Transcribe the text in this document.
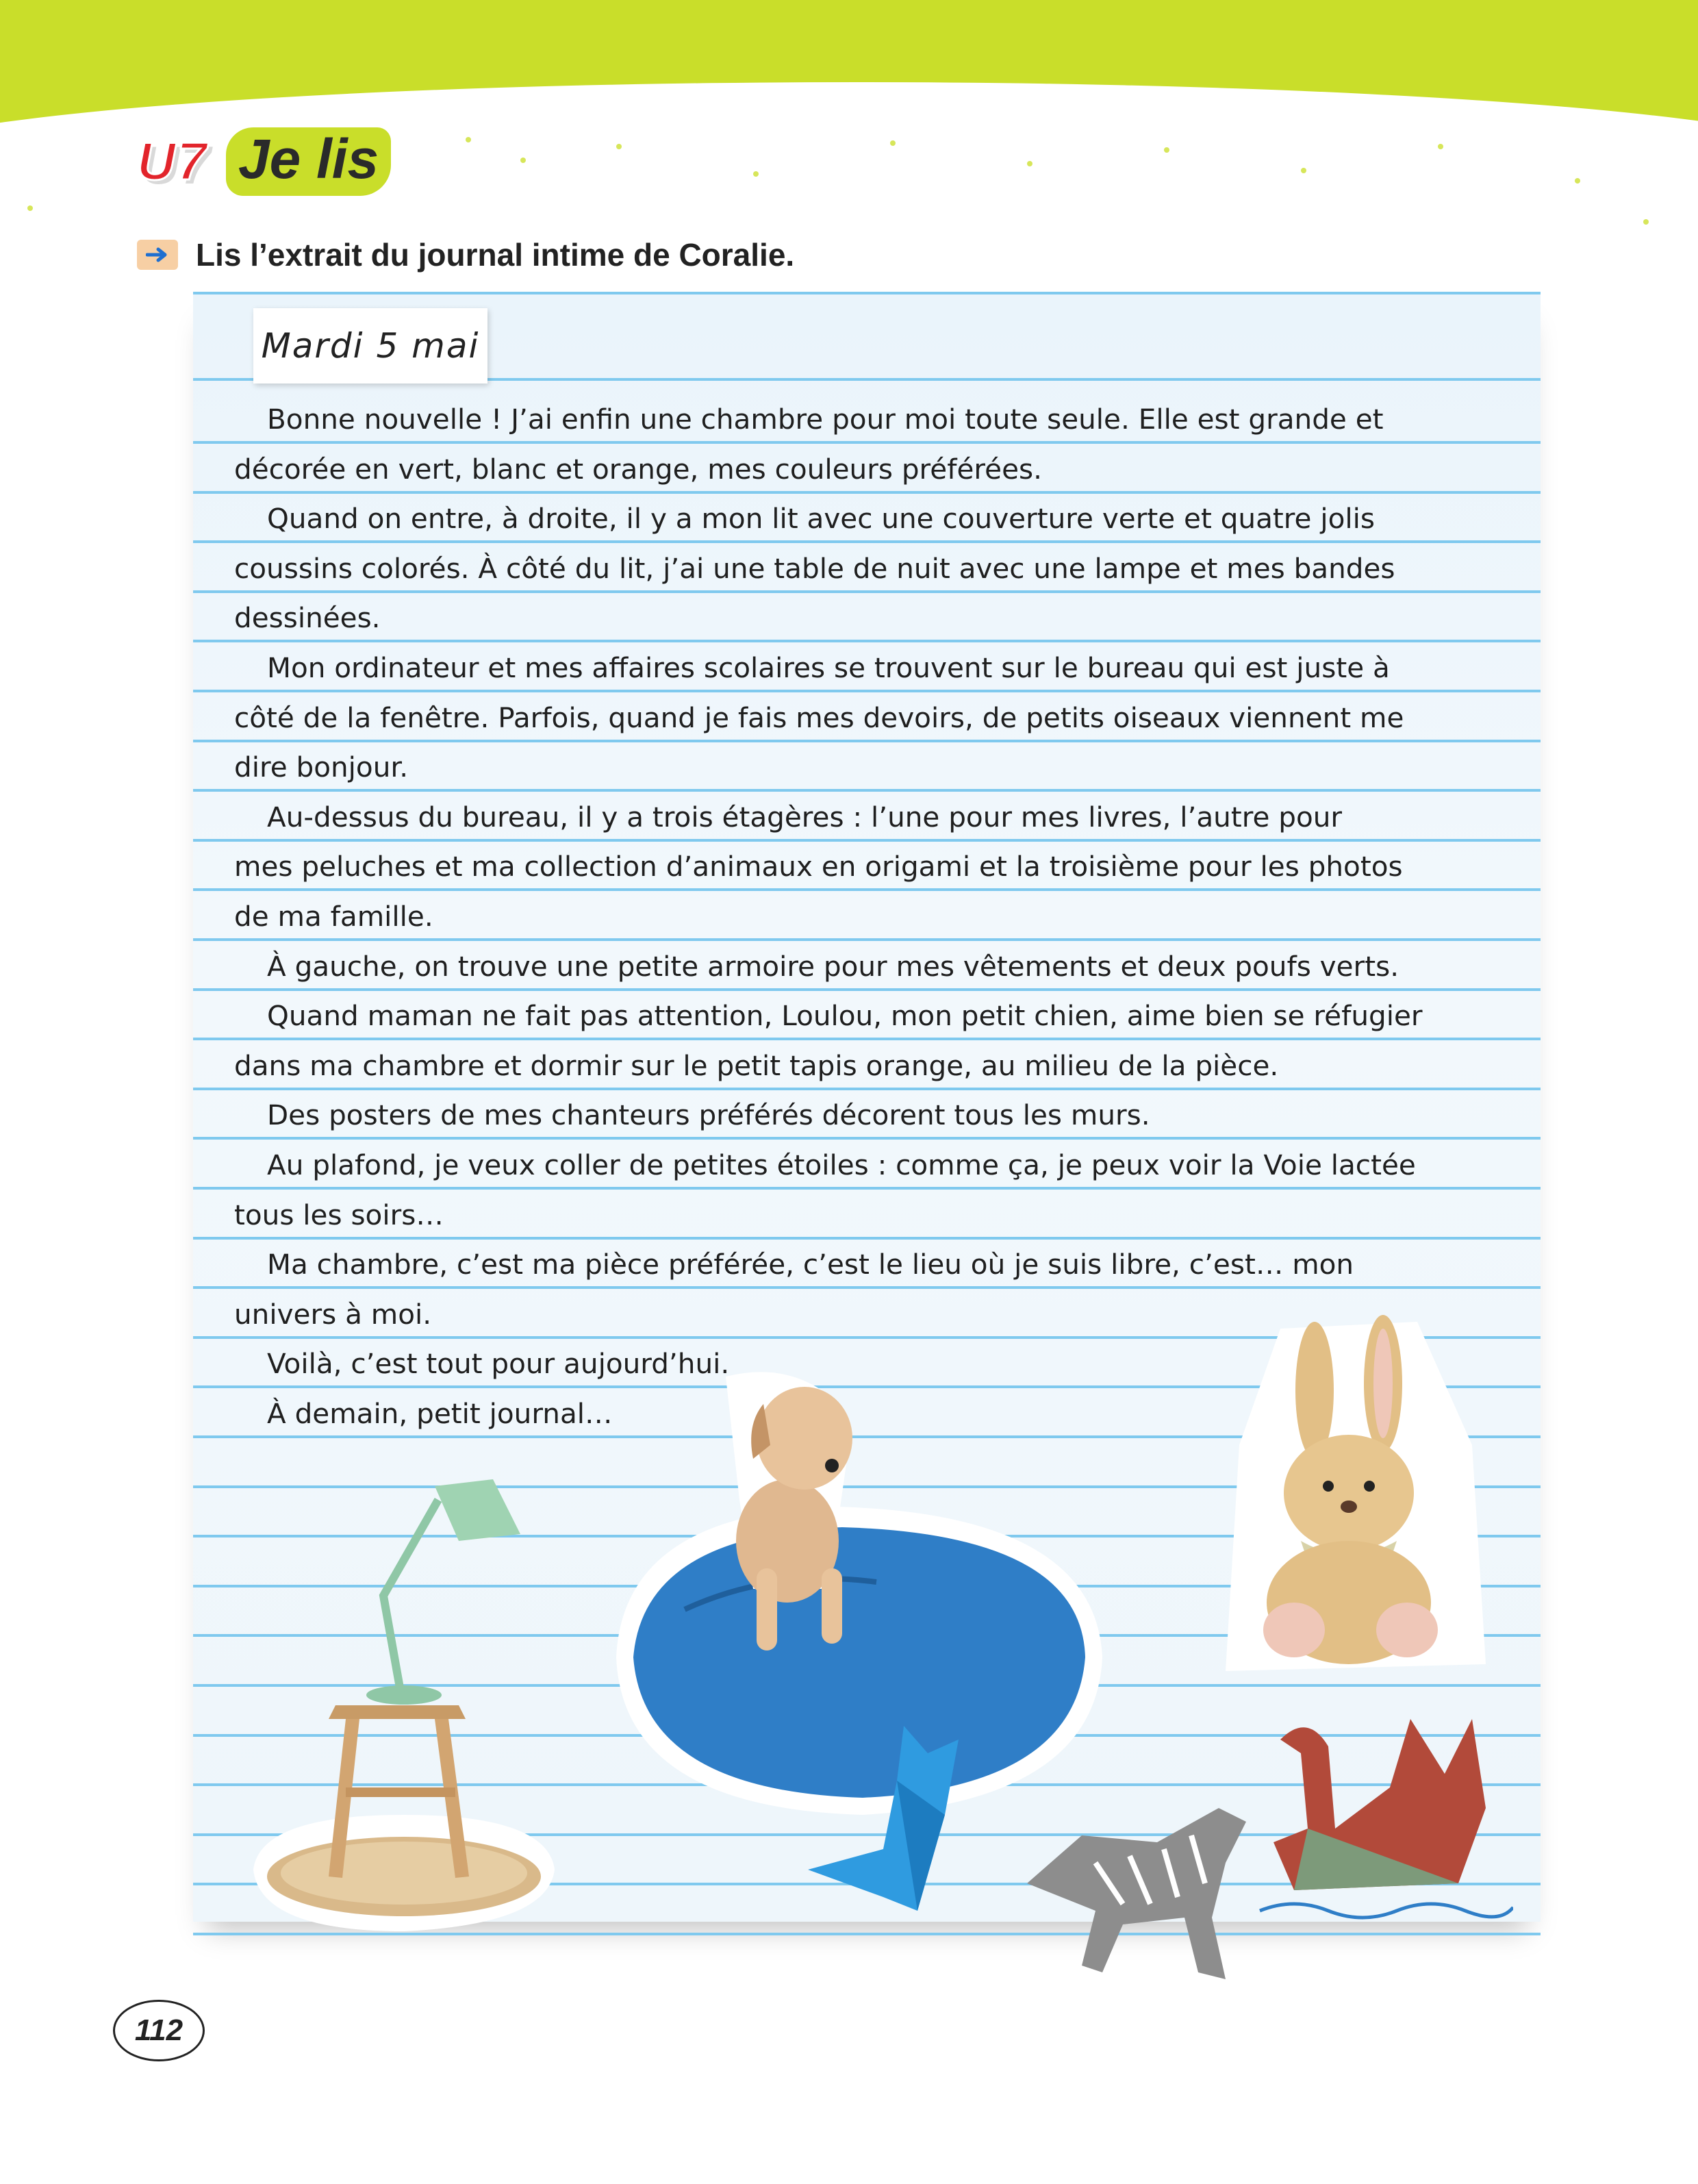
U7 Je lis
Lis l’extrait du journal intime de Coralie.
Mardi 5 mai

Bonne nouvelle ! J’ai enfin une chambre pour moi toute seule. Elle est grande et

décorée en vert, blanc et orange, mes couleurs préférées.

Quand on entre, à droite, il y a mon lit avec une couverture verte et quatre jolis

coussins colorés. À côté du lit, j’ai une table de nuit avec une lampe et mes bandes

dessinées.

Mon ordinateur et mes affaires scolaires se trouvent sur le bureau qui est juste à

côté de la fenêtre. Parfois, quand je fais mes devoirs, de petits oiseaux viennent me

dire bonjour.

Au-dessus du bureau, il y a trois étagères : l’une pour mes livres, l’autre pour

mes peluches et ma collection d’animaux en origami et la troisième pour les photos

de ma famille.

À gauche, on trouve une petite armoire pour mes vêtements et deux poufs verts.

Quand maman ne fait pas attention, Loulou, mon petit chien, aime bien se réfugier

dans ma chambre et dormir sur le petit tapis orange, au milieu de la pièce.

Des posters de mes chanteurs préférés décorent tous les murs.

Au plafond, je veux coller de petites étoiles : comme ça, je peux voir la Voie lactée

tous les soirs…

Ma chambre, c’est ma pièce préférée, c’est le lieu où je suis libre, c’est… mon

univers à moi.

Voilà, c’est tout pour aujourd’hui.

À demain, petit journal…

112
